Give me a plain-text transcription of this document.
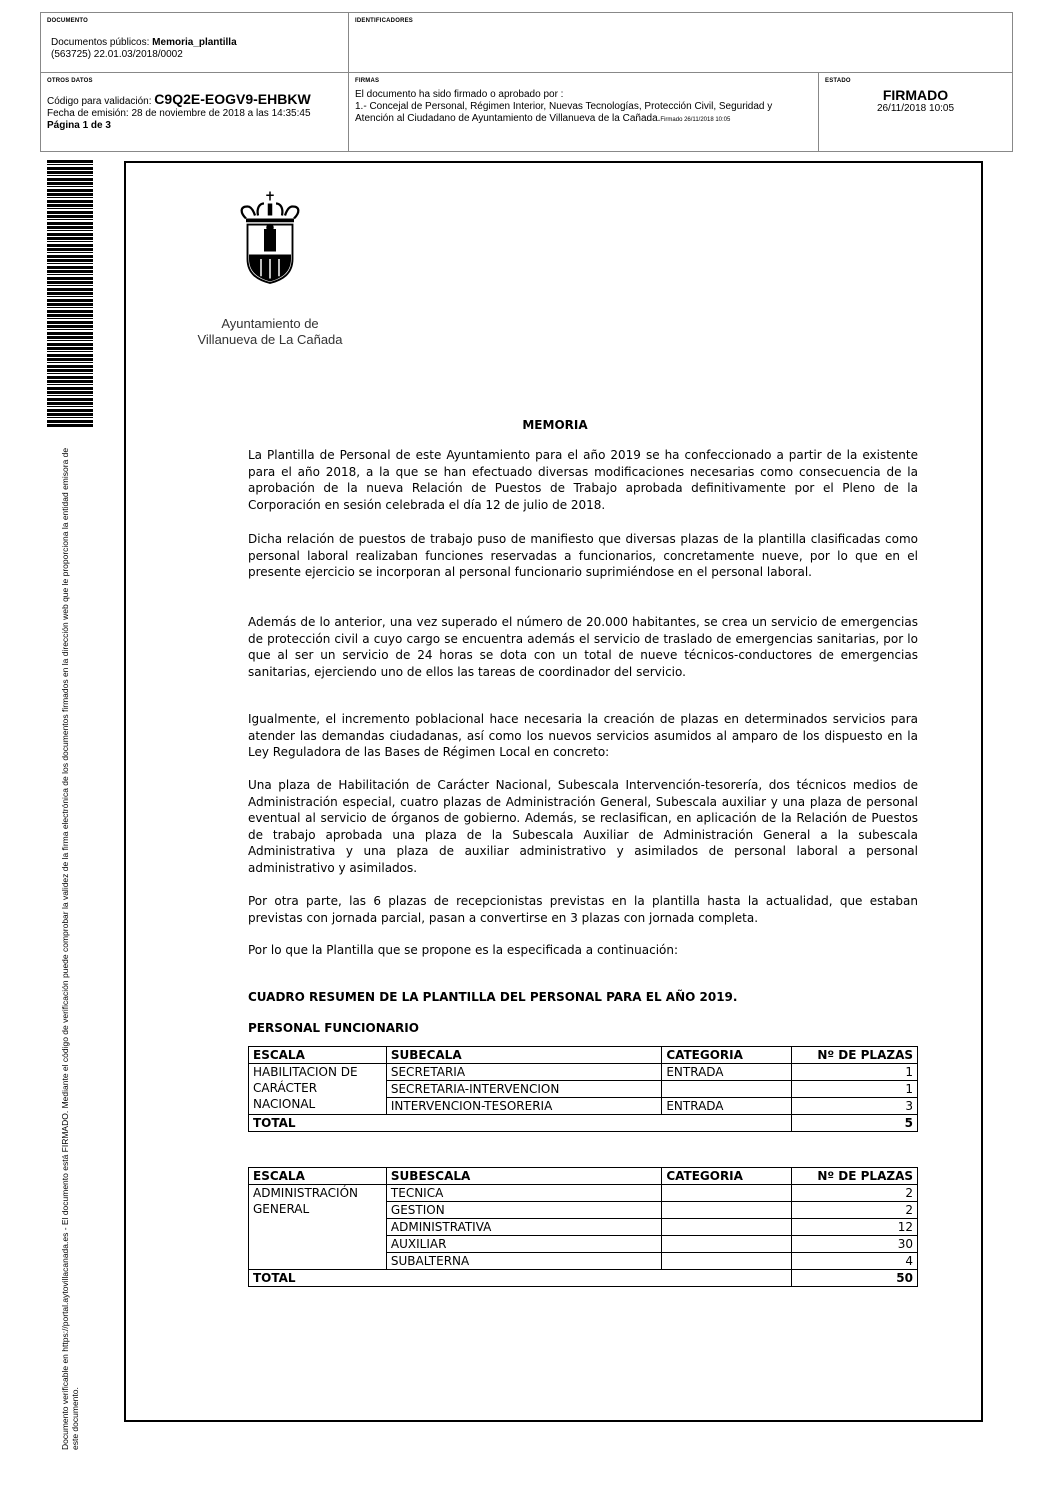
DOCUMENTO
Documentos públicos: Memoria_plantilla
(563725) 22.01.03/2018/0002
IDENTIFICADORES
OTROS DATOS
Código para validación: C9Q2E-EOGV9-EHBKW
Fecha de emisión: 28 de noviembre de 2018 a las 14:35:45
Página 1 de 3
FIRMAS
El documento ha sido firmado o aprobado por :
1.- Concejal de Personal, Régimen Interior, Nuevas Tecnologías, Protección Civil, Seguridad y Atención al Ciudadano de Ayuntamiento de Villanueva de la Cañada.Firmado 26/11/2018 10:05
ESTADO
FIRMADO
26/11/2018 10:05
Documento verificable en https://portal.aytovillacanada.es - El documento está FIRMADO. Mediante el código de verificación puede comprobar la validez de la firma electrónica de los documentos firmados en la dirección web que le proporciona la entidad emisora de este documento.
Ayuntamiento de
Villanueva de La Cañada
MEMORIA
La Plantilla de Personal de este Ayuntamiento para el año 2019 se ha confeccionado a partir de la existente para el año 2018, a la que se han efectuado diversas modificaciones necesarias como consecuencia de la aprobación de la nueva Relación de Puestos de Trabajo aprobada definitivamente por el Pleno de la Corporación en sesión celebrada el día 12 de julio de 2018.
Dicha relación de puestos de trabajo puso de manifiesto que diversas plazas de la plantilla clasificadas como personal laboral realizaban funciones reservadas a funcionarios, concretamente nueve, por lo que en el presente ejercicio se incorporan al personal funcionario suprimiéndose en el personal laboral.
Además de lo anterior, una vez superado el número de 20.000 habitantes, se crea un servicio de emergencias de protección civil a cuyo cargo se encuentra además el servicio de traslado de emergencias sanitarias, por lo que al ser un servicio de 24 horas se dota con un total de nueve técnicos-conductores de emergencias sanitarias, ejerciendo uno de ellos las tareas de coordinador del servicio.
Igualmente, el incremento poblacional hace necesaria la creación de plazas en determinados servicios para atender las demandas ciudadanas, así como los nuevos servicios asumidos al amparo de los dispuesto en la Ley Reguladora de las Bases de Régimen Local en concreto:
Una plaza de Habilitación de Carácter Nacional, Subescala Intervención-tesorería, dos técnicos medios de Administración especial, cuatro plazas de Administración General, Subescala auxiliar y una plaza de personal eventual al servicio de órganos de gobierno. Además, se reclasifican, en aplicación de la Relación de Puestos de trabajo aprobada una plaza de la Subescala Auxiliar de Administración General a la subescala Administrativa y una plaza de auxiliar administrativo y asimilados de personal laboral a personal administrativo y asimilados.
Por otra parte, las 6 plazas de recepcionistas previstas en la plantilla hasta la actualidad, que estaban previstas con jornada parcial, pasan a convertirse en 3 plazas con jornada completa.
Por lo que la Plantilla que se propone es la especificada a continuación:
CUADRO RESUMEN DE LA PLANTILLA DEL PERSONAL PARA EL AÑO 2019.
PERSONAL FUNCIONARIO
ESCALA	SUBECALA	CATEGORIA	Nº DE PLAZAS
HABILITACION DE CARÁCTER NACIONAL	SECRETARIA	ENTRADA	1
	SECRETARIA-INTERVENCION		1
	INTERVENCION-TESORERIA	ENTRADA	3
TOTAL			5
ESCALA	SUBESCALA	CATEGORIA	Nº DE PLAZAS
ADMINISTRACIÓN GENERAL	TECNICA		2
	GESTION		2
	ADMINISTRATIVA		12
	AUXILIAR		30
	SUBALTERNA		4
TOTAL			50
